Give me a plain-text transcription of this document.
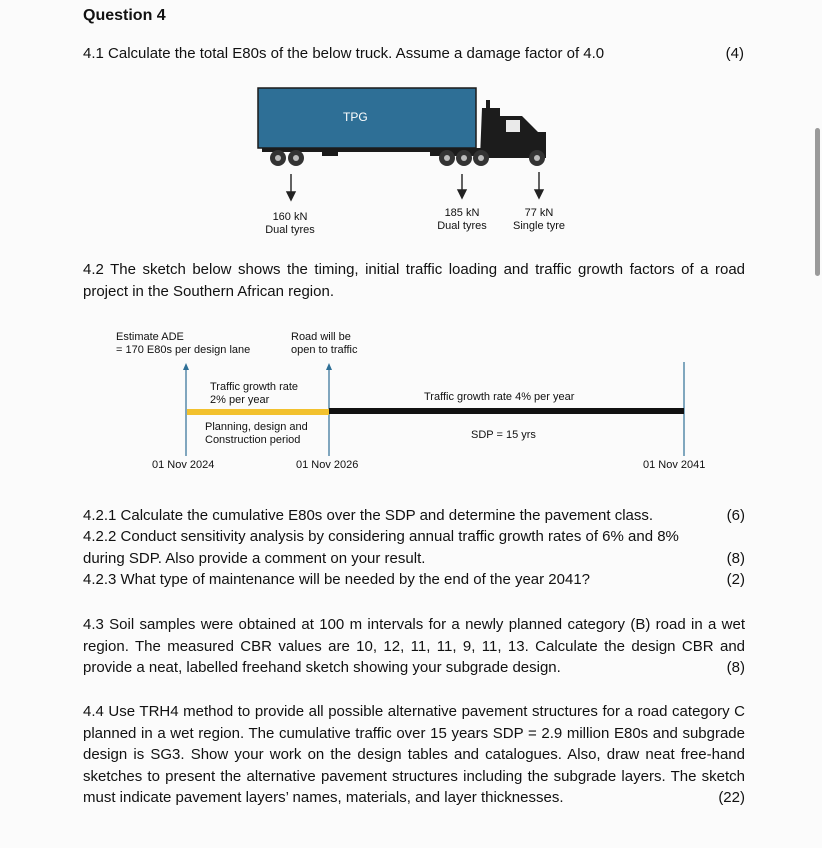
Question 4
4.1 Calculate the total E80s of the below truck. Assume a damage factor of 4.0	(4)
TPG
160 kN
Dual tyres
185 kN
Dual tyres
77 kN
Single tyre
4.2 The sketch below shows the timing, initial traffic loading and traffic growth factors of a road project in the Southern African region.
Estimate ADE
= 170 E80s per design lane
Road will be
open to traffic
Traffic growth rate
2% per year	Traffic growth rate 4% per year
Planning, design and
Construction period	SDP = 15 yrs
01 Nov 2024	01 Nov 2026	01 Nov 2041
4.2.1 Calculate the cumulative E80s over the SDP and determine the pavement class.	(6)
4.2.2 Conduct sensitivity analysis by considering annual traffic growth rates of 6% and 8%
during SDP. Also provide a comment on your result.	(8)
4.2.3 What type of maintenance will be needed by the end of the year 2041?	(2)
4.3 Soil samples were obtained at 100 m intervals for a newly planned category (B) road in a wet region. The measured CBR values are 10, 12, 11, 11, 9, 11, 13. Calculate the design CBR and provide a neat, labelled freehand sketch showing your subgrade design.	(8)
4.4 Use TRH4 method to provide all possible alternative pavement structures for a road category C planned in a wet region. The cumulative traffic over 15 years SDP = 2.9 million E80s and subgrade design is SG3. Show your work on the design tables and catalogues. Also, draw neat free-hand sketches to present the alternative pavement structures including the subgrade layers. The sketch must indicate pavement layers’ names, materials, and layer thicknesses.	(22)
